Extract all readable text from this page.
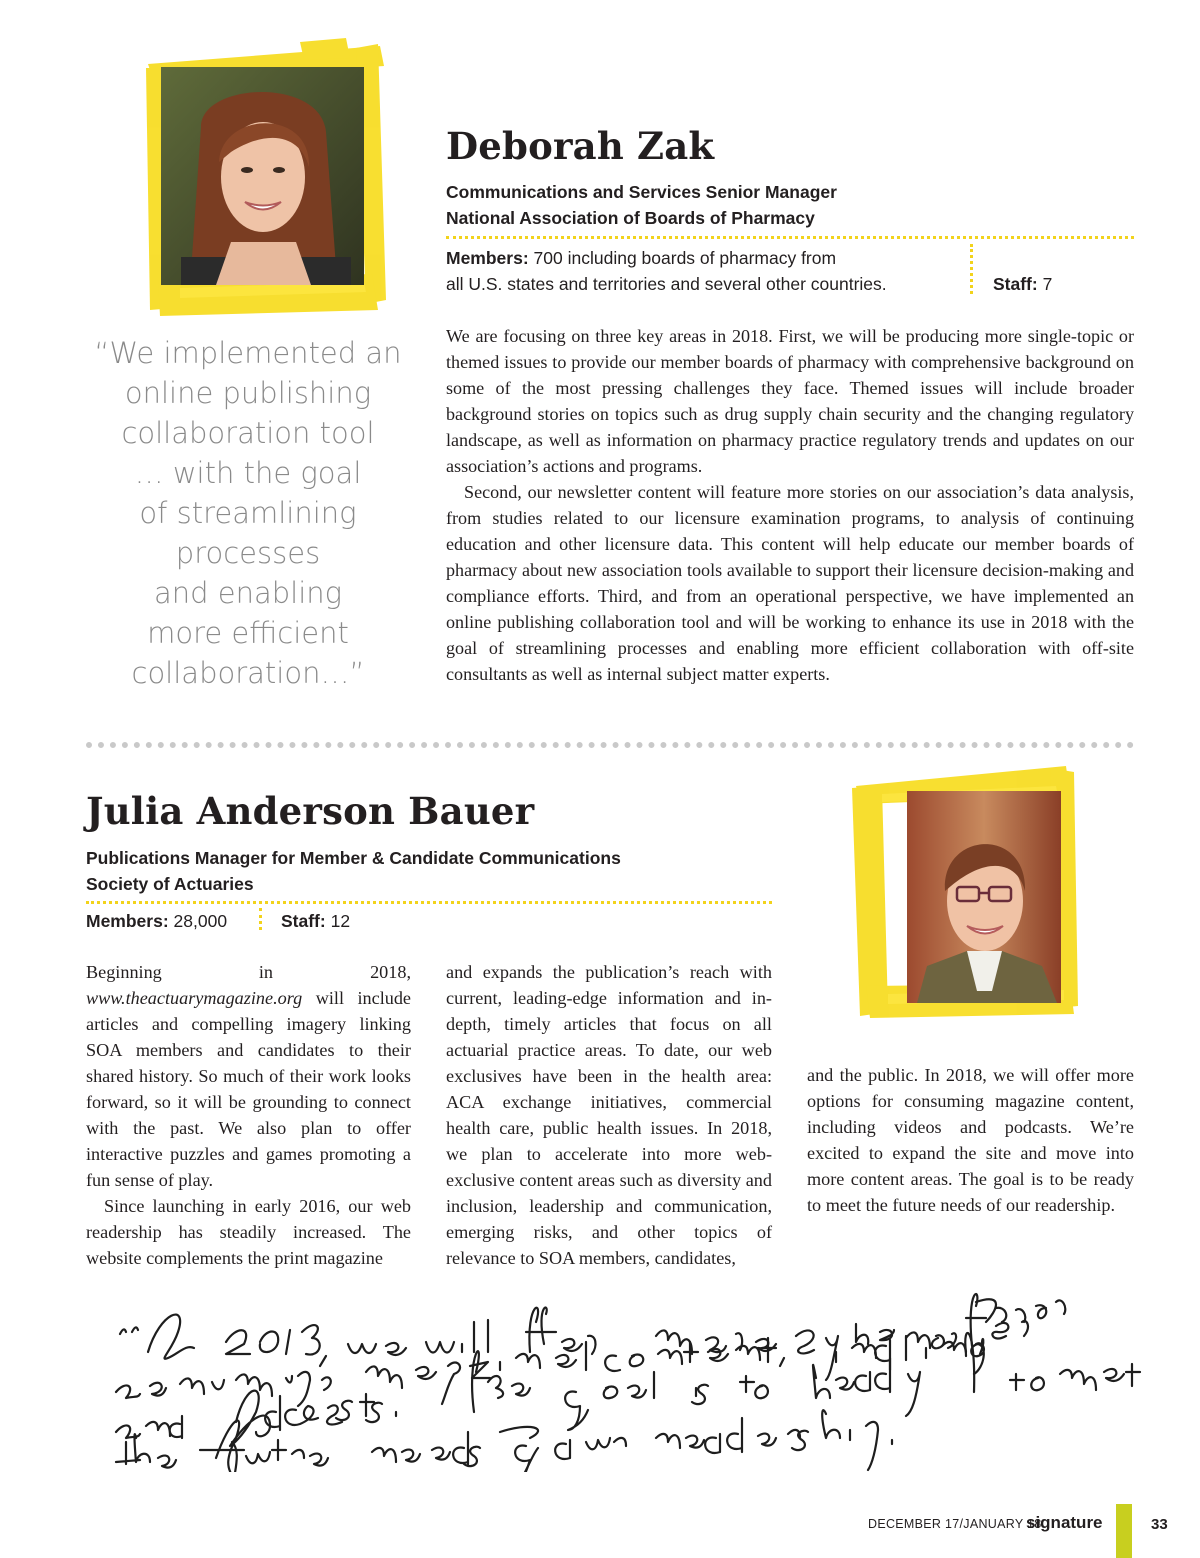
Deborah Zak
Communications and Services Senior Manager
National Association of Boards of Pharmacy
Members: 700 including boards of pharmacy from
all U.S. states and territories and several other countries.	Staff: 7
“We implemented an
online publishing
collaboration tool
… with the goal
of streamlining
processes
and enabling
more efficient
collaboration…”

We are focusing on three key areas in 2018. First, we will be producing more single-topic or themed issues to provide our member boards of pharmacy with comprehensive background on some of the most pressing challenges they face. Themed issues will include broader background stories on topics such as drug supply chain security and the changing regulatory landscape, as well as information on pharmacy practice regulatory trends and updates on our association’s actions and programs.

Second, our newsletter content will feature more stories on our association’s data analysis, from studies related to our licensure examination programs, to analysis of continuing education and other licensure data. This content will help educate our member boards of pharmacy about new association tools available to support their licensure decision-making and compliance efforts. Third, and from an operational perspective, we have implemented an online publishing collaboration tool and will be working to enhance its use in 2018 with the goal of streamlining processes and enabling more efficient collaboration with off-site consultants as well as internal subject matter experts.

Julia Anderson Bauer
Publications Manager for Member & Candidate Communications
Society of Actuaries
Members: 28,000	Staff: 12

Beginning in 2018, www.theactuarymagazine.org will include articles and compelling imagery linking SOA members and candidates to their shared history. So much of their work looks forward, so it will be grounding to connect with the past. We also plan to offer interactive puzzles and games promoting a fun sense of play.

Since launching in early 2016, our web readership has steadily increased. The website complements the print magazine

and expands the publication’s reach with current, leading-edge information and in-depth, timely articles that focus on all actuarial practice areas. To date, our web exclusives have been in the health area: ACA exchange initiatives, commercial health care, public health issues. In 2018, we plan to accelerate into more web-exclusive content areas such as diversity and inclusion, leadership and communication, emerging risks, and other topics of relevance to SOA members, candidates,

and the public. In 2018, we will offer more options for consuming magazine content, including videos and podcasts. We’re excited to expand the site and move into more content areas. The goal is to be ready to meet the future needs of our readership.

DECEMBER 17/JANUARY 18
signature	33
